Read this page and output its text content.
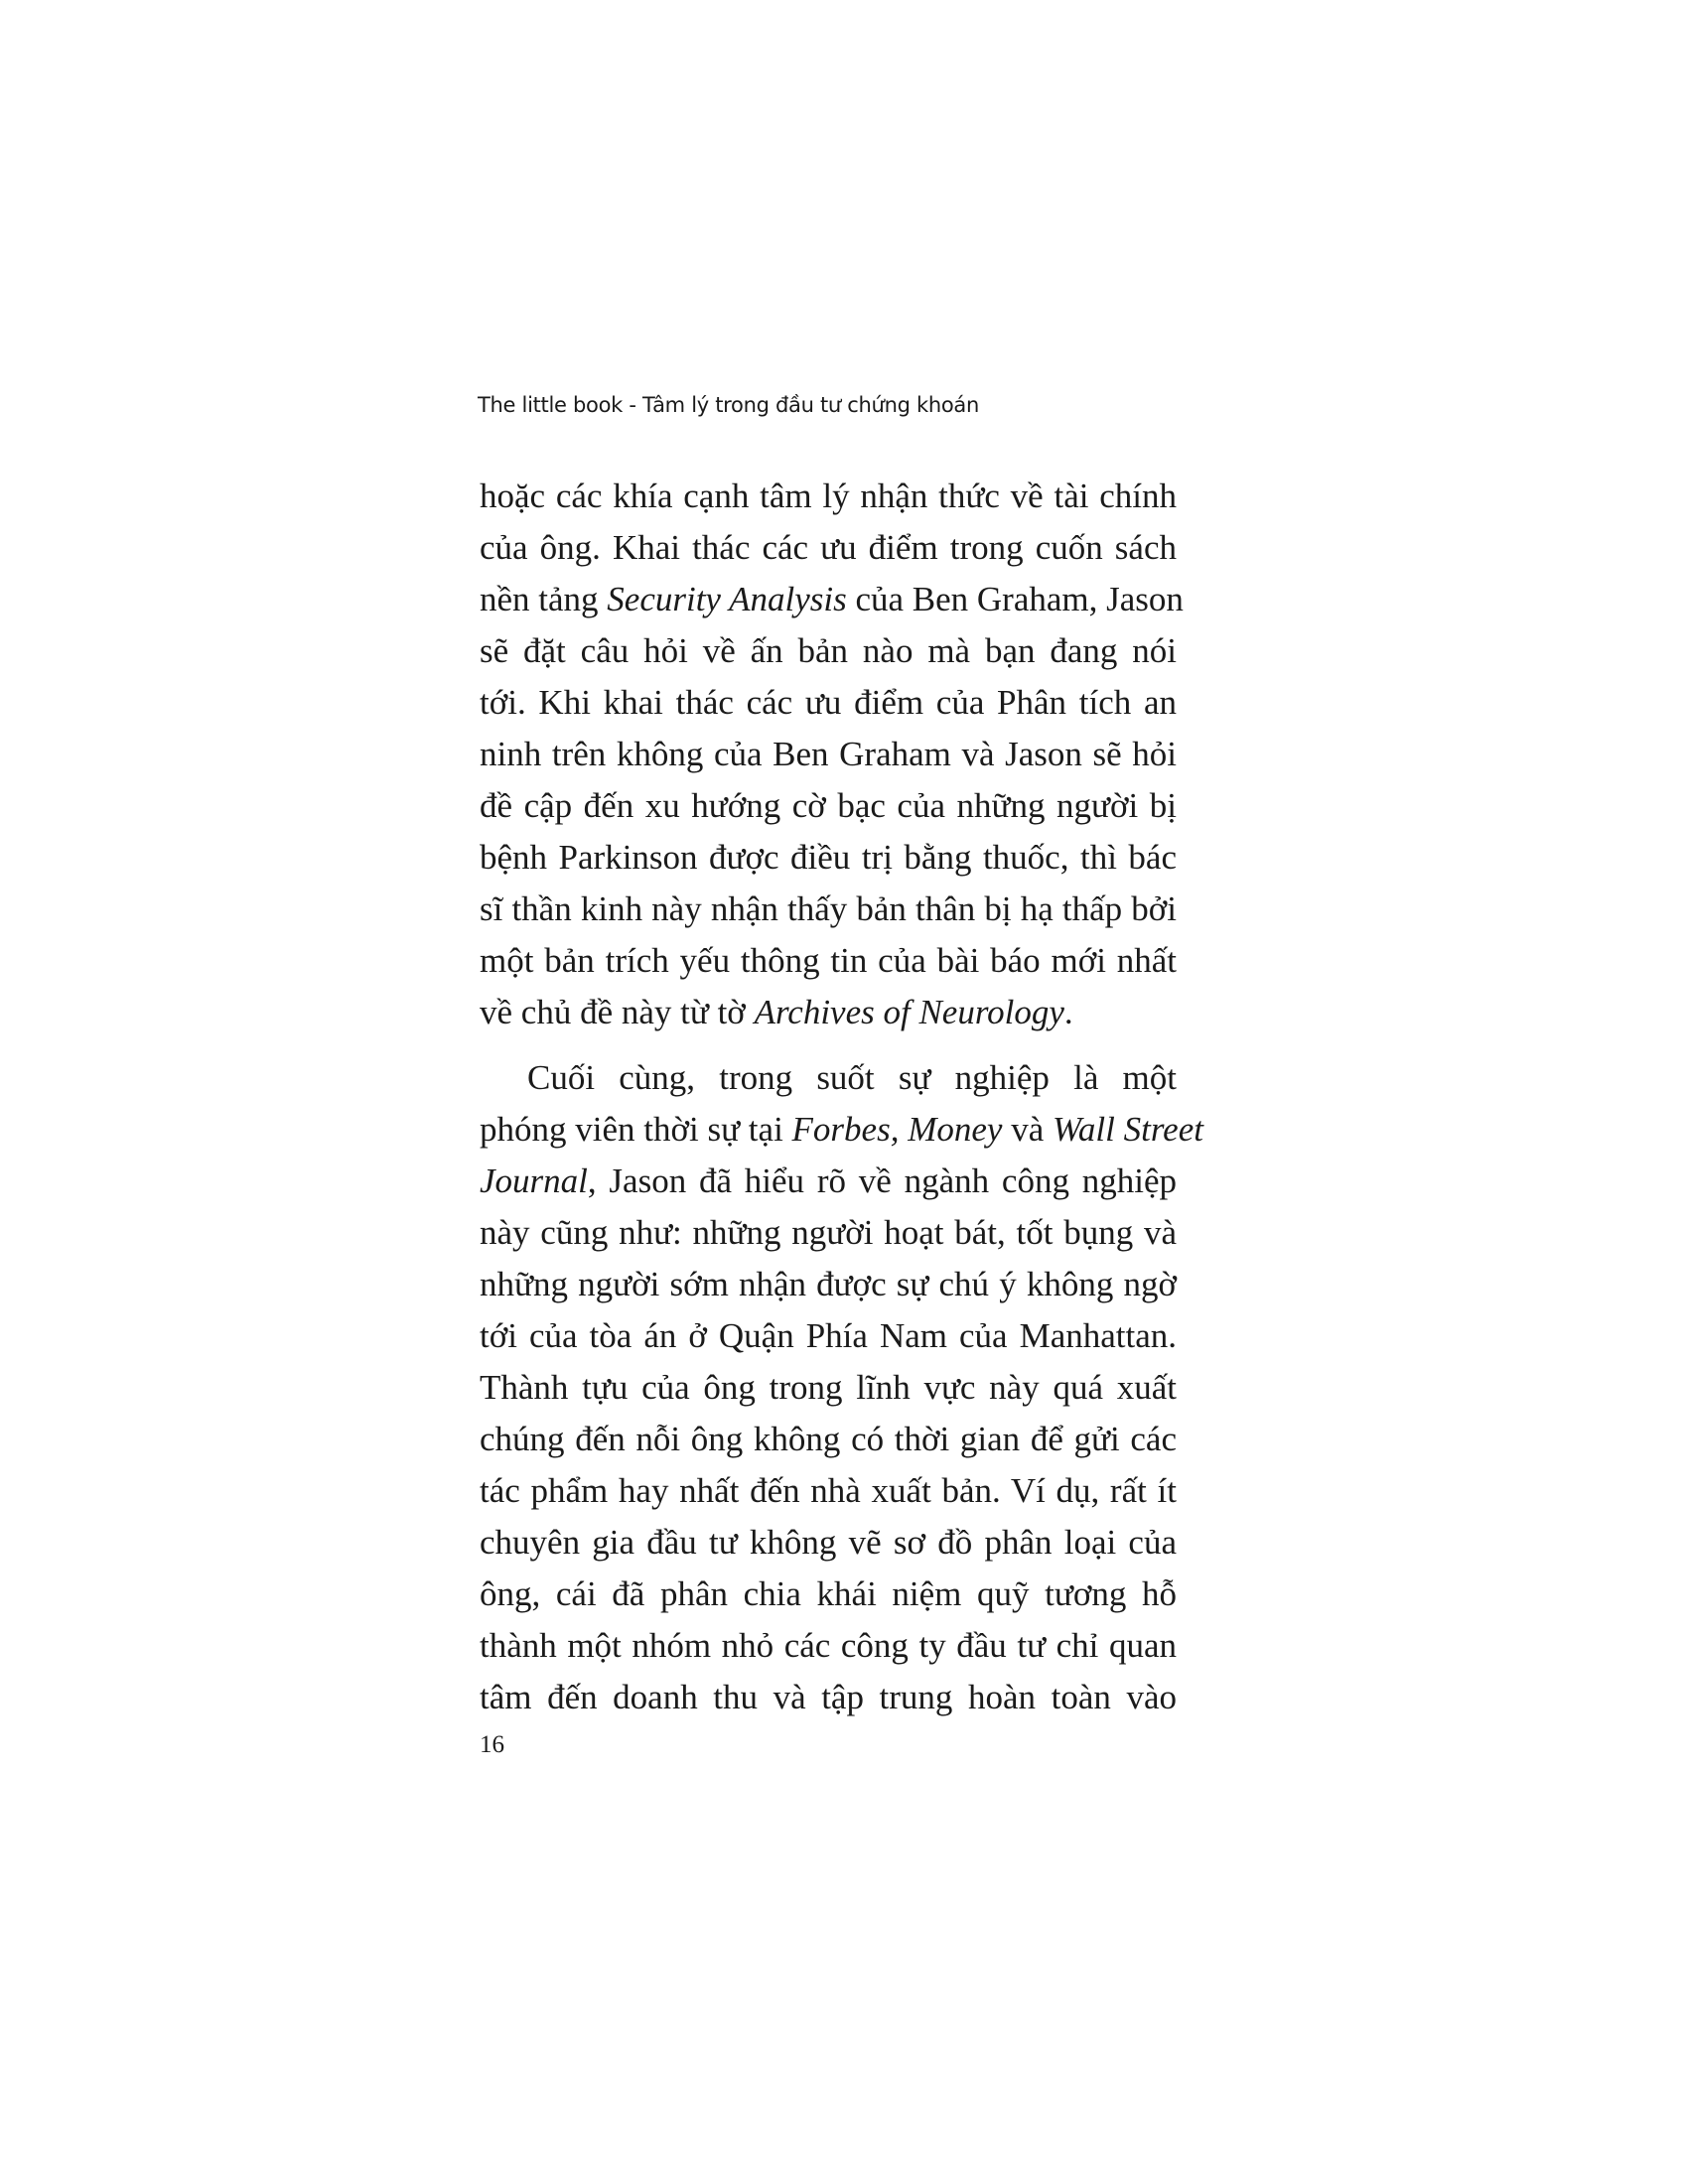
The little book - Tâm lý trong đầu tư chứng khoán
hoặc các khía cạnh tâm lý nhận thức về tài chính
của ông. Khai thác các ưu điểm trong cuốn sách
nền tảng Security Analysis của Ben Graham, Jason
sẽ đặt câu hỏi về ấn bản nào mà bạn đang nói
tới. Khi khai thác các ưu điểm của Phân tích an
ninh trên không của Ben Graham và Jason sẽ hỏi
đề cập đến xu hướng cờ bạc của những người bị
bệnh Parkinson được điều trị bằng thuốc, thì bác
sĩ thần kinh này nhận thấy bản thân bị hạ thấp bởi
một bản trích yếu thông tin của bài báo mới nhất
về chủ đề này từ tờ Archives of Neurology.
Cuối cùng, trong suốt sự nghiệp là một
phóng viên thời sự tại Forbes, Money và Wall Street
Journal, Jason đã hiểu rõ về ngành công nghiệp
này cũng như: những người hoạt bát, tốt bụng và
những người sớm nhận được sự chú ý không ngờ
tới của tòa án ở Quận Phía Nam của Manhattan.
Thành tựu của ông trong lĩnh vực này quá xuất
chúng đến nỗi ông không có thời gian để gửi các
tác phẩm hay nhất đến nhà xuất bản. Ví dụ, rất ít
chuyên gia đầu tư không vẽ sơ đồ phân loại của
ông, cái đã phân chia khái niệm quỹ tương hỗ
thành một nhóm nhỏ các công ty đầu tư chỉ quan
tâm đến doanh thu và tập trung hoàn toàn vào
16
